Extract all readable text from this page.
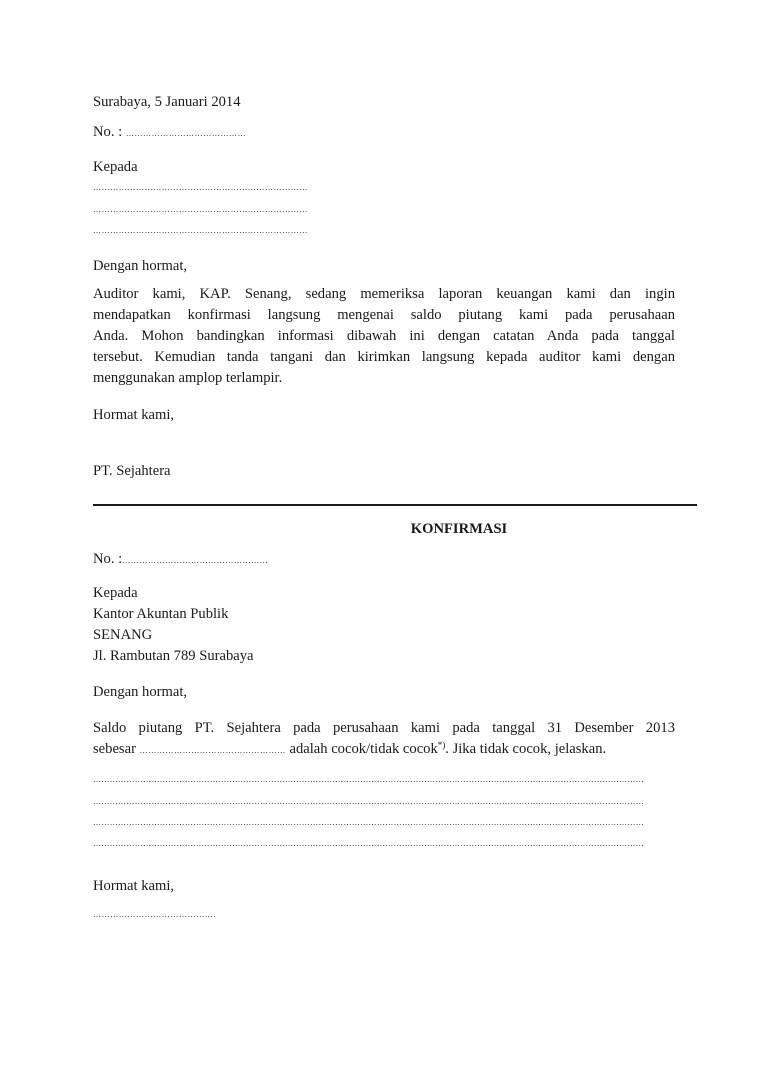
Surabaya, 5 Januari 2014
No. : ……………………………………
Kepada
…………………………………………………………………
…………………………………………………………………
…………………………………………………………………
Dengan hormat,
Auditor kami, KAP. Senang, sedang memeriksa laporan keuangan kami dan ingin
mendapatkan konfirmasi langsung mengenai saldo piutang kami pada perusahaan
Anda. Mohon bandingkan informasi dibawah ini dengan catatan Anda pada tanggal
tersebut. Kemudian tanda tangani dan kirimkan langsung kepada auditor kami dengan
menggunakan amplop terlampir.
Hormat kami,
PT. Sejahtera
KONFIRMASI
No. :……………………………………………
Kepada
Kantor Akuntan Publik
SENANG
Jl. Rambutan 789 Surabaya
Dengan hormat,
Saldo piutang PT. Sejahtera pada perusahaan kami pada tanggal 31 Desember 2013
sebesar …………………………………………… adalah cocok/tidak cocok*). Jika tidak cocok, jelaskan.
………………………………………………………………………………………………………………………………………………………………………………
………………………………………………………………………………………………………………………………………………………………………………
………………………………………………………………………………………………………………………………………………………………………………
………………………………………………………………………………………………………………………………………………………………………………
Hormat kami,
…………………………………….
